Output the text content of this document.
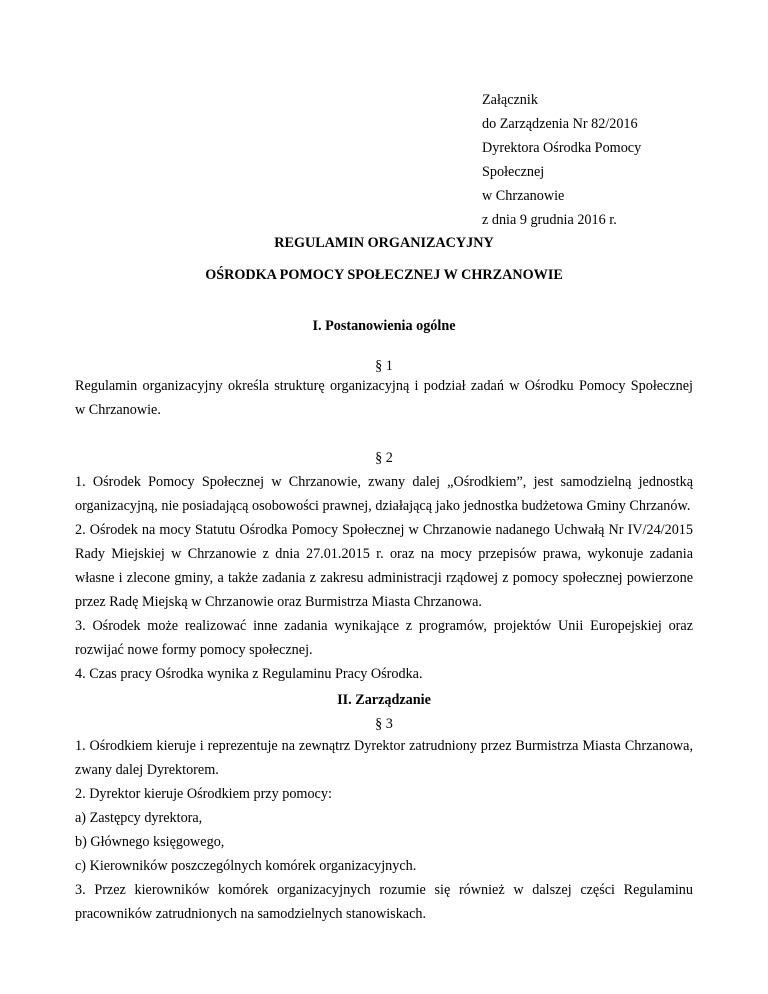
Załącznik
do Zarządzenia Nr 82/2016
Dyrektora Ośrodka Pomocy
Społecznej
w Chrzanowie
z dnia 9 grudnia 2016 r.
REGULAMIN ORGANIZACYJNY
OŚRODKA POMOCY SPOŁECZNEJ W CHRZANOWIE
I. Postanowienia ogólne
§ 1
Regulamin organizacyjny określa strukturę organizacyjną i podział zadań w Ośrodku Pomocy Społecznej
w Chrzanowie.
§ 2
1. Ośrodek Pomocy Społecznej w Chrzanowie, zwany dalej „Ośrodkiem”, jest samodzielną jednostką
organizacyjną, nie posiadającą osobowości prawnej, działającą jako jednostka budżetowa Gminy Chrzanów.
2. Ośrodek na mocy Statutu Ośrodka Pomocy Społecznej w Chrzanowie nadanego Uchwałą Nr IV/24/2015
Rady Miejskiej w Chrzanowie z dnia 27.01.2015 r. oraz na mocy przepisów prawa, wykonuje zadania
własne i zlecone gminy, a także zadania z zakresu administracji rządowej z pomocy społecznej powierzone
przez Radę Miejską w Chrzanowie oraz Burmistrza Miasta Chrzanowa.
3. Ośrodek może realizować inne zadania wynikające z programów, projektów Unii Europejskiej oraz
rozwijać nowe formy pomocy społecznej.
4. Czas pracy Ośrodka wynika z Regulaminu Pracy Ośrodka.
II. Zarządzanie
§ 3
1. Ośrodkiem kieruje i reprezentuje na zewnątrz Dyrektor zatrudniony przez Burmistrza Miasta Chrzanowa,
zwany dalej Dyrektorem.
2. Dyrektor kieruje Ośrodkiem przy pomocy:
a) Zastępcy dyrektora,
b) Głównego księgowego,
c) Kierowników poszczególnych komórek organizacyjnych.
3. Przez kierowników komórek organizacyjnych rozumie się również w dalszej części Regulaminu
pracowników zatrudnionych na samodzielnych stanowiskach.
